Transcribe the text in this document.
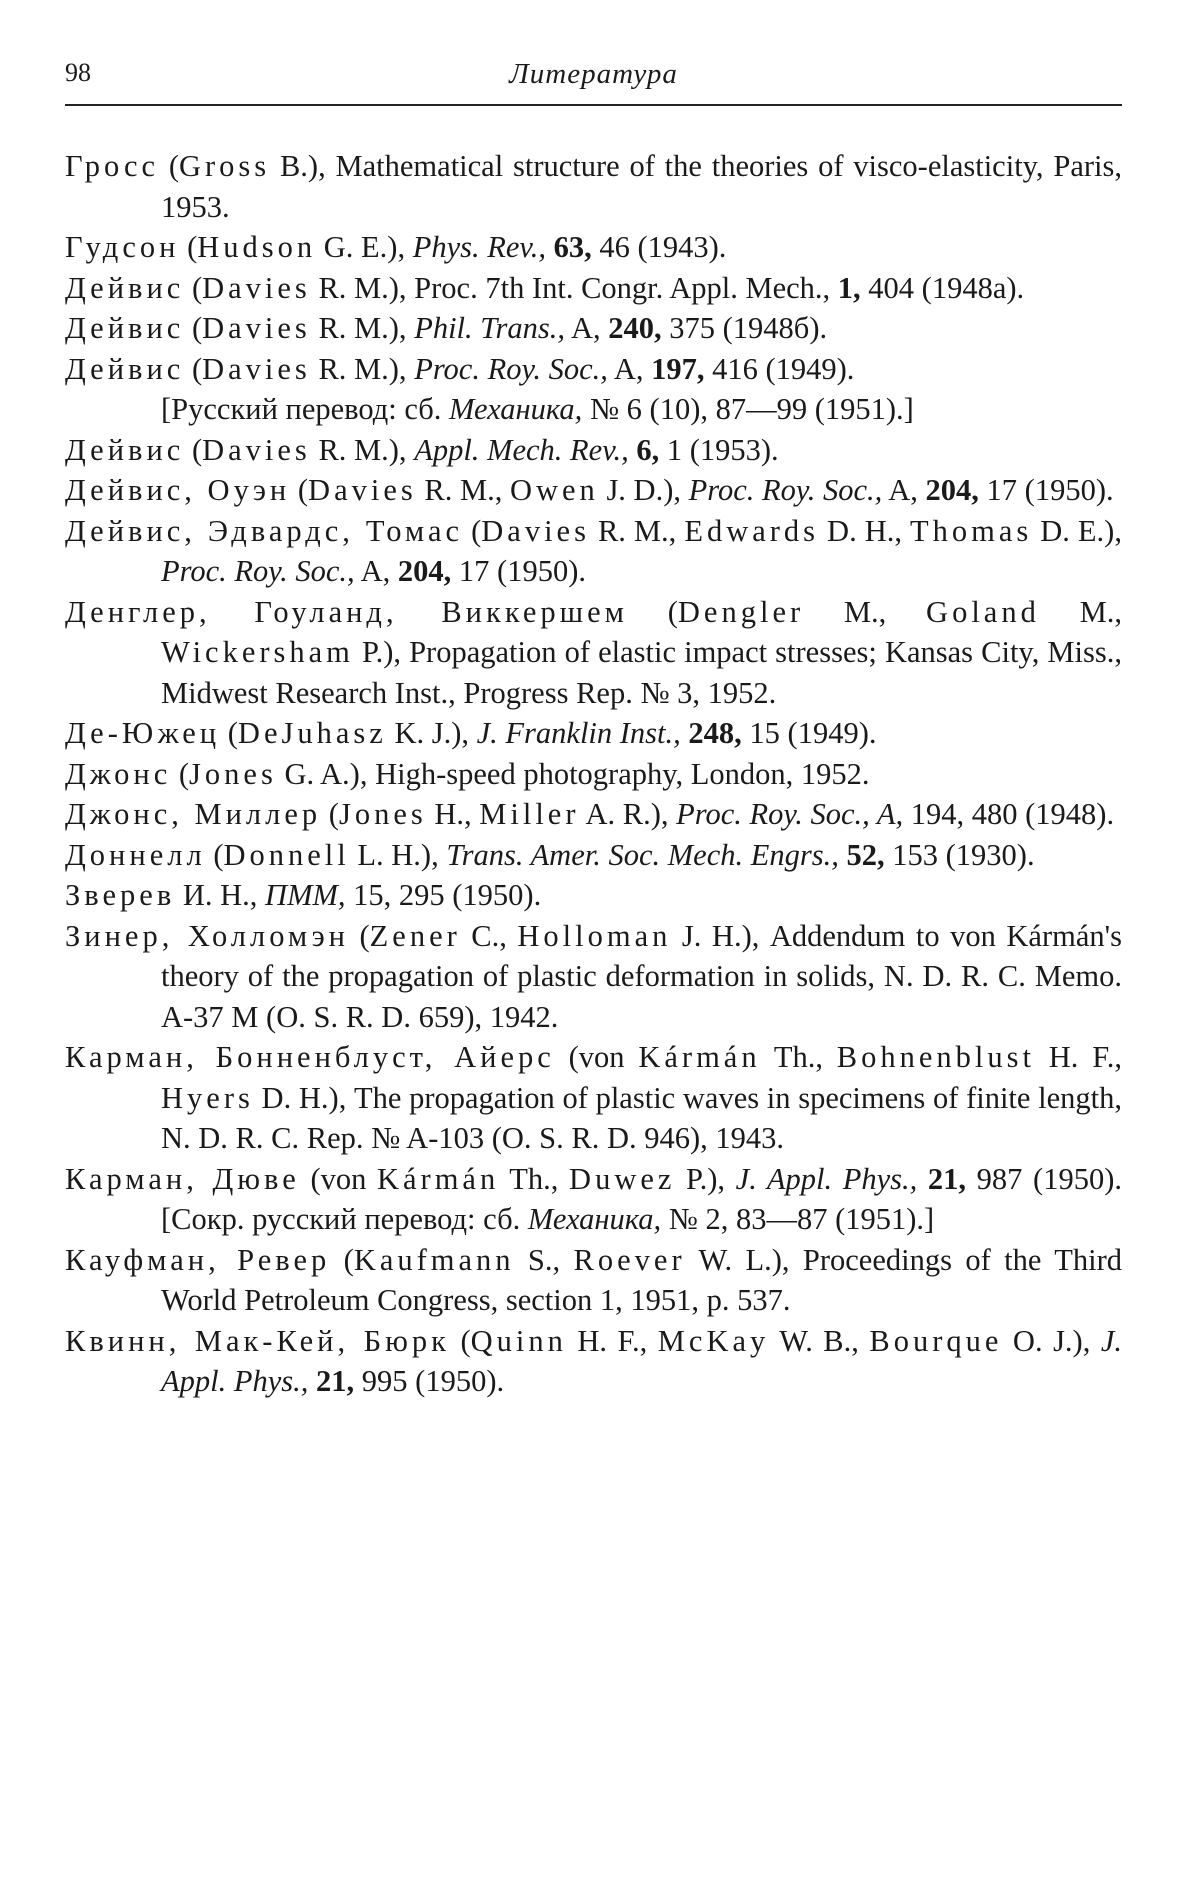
98	Литература

Гросс (Gross B.), Mathematical structure of the theories of visco-elasticity, Paris, 1953.

Гудсон (Hudson G. E.), Phys. Rev., 63, 46 (1943).

Дейвис (Davies R. M.), Proc. 7th Int. Congr. Appl. Mech., 1, 404 (1948а).

Дейвис (Davies R. M.), Phil. Trans., A, 240, 375 (1948б).

Дейвис (Davies R. M.), Proc. Roy. Soc., A, 197, 416 (1949).

[Русский перевод: сб. Механика, № 6 (10), 87—99 (1951).]

Дейвис (Davies R. M.), Appl. Mech. Rev., 6, 1 (1953).

Дейвис, Оуэн (Davies R. M., Owen J. D.), Proc. Roy. Soc., A, 204, 17 (1950).

Дейвис, Эдвардс, Томас (Davies R. M., Edwards D. H., Thomas D. E.), Proc. Roy. Soc., A, 204, 17 (1950).

Денглер, Гоуланд, Виккершем (Dengler M., Goland M., Wickersham P.), Propagation of elastic impact stresses; Kansas City, Miss., Midwest Research Inst., Progress Rep. № 3, 1952.

Де-Южец (DeJuhasz K. J.), J. Franklin Inst., 248, 15 (1949).

Джонс (Jones G. A.), High-speed photography, London, 1952.

Джонс, Миллер (Jones H., Miller A. R.), Proc. Roy. Soc., A, 194, 480 (1948).

Доннелл (Donnell L. H.), Trans. Amer. Soc. Mech. Engrs., 52, 153 (1930).

Зверев И. Н., ПММ, 15, 295 (1950).

Зинер, Холломэн (Zener C., Holloman J. H.), Addendum to von Kármán's theory of the propagation of plastic deformation in solids, N. D. R. C. Memo. A-37 M (O. S. R. D. 659), 1942.

Карман, Бонненблуст, Айерс (von Kármán Th., Bohnenblust H. F., Hyers D. H.), The propagation of plastic waves in specimens of finite length, N. D. R. C. Rep. № A-103 (O. S. R. D. 946), 1943.

Карман, Дюве (von Kármán Th., Duwez P.), J. Appl. Phys., 21, 987 (1950). [Сокр. русский перевод: сб. Механика, № 2, 83—87 (1951).]

Кауфман, Ревер (Kaufmann S., Roever W. L.), Proceedings of the Third World Petroleum Congress, section 1, 1951, p. 537.

Квинн, Мак-Кей, Бюрк (Quinn H. F., McKay W. B., Bourque O. J.), J. Appl. Phys., 21, 995 (1950).
